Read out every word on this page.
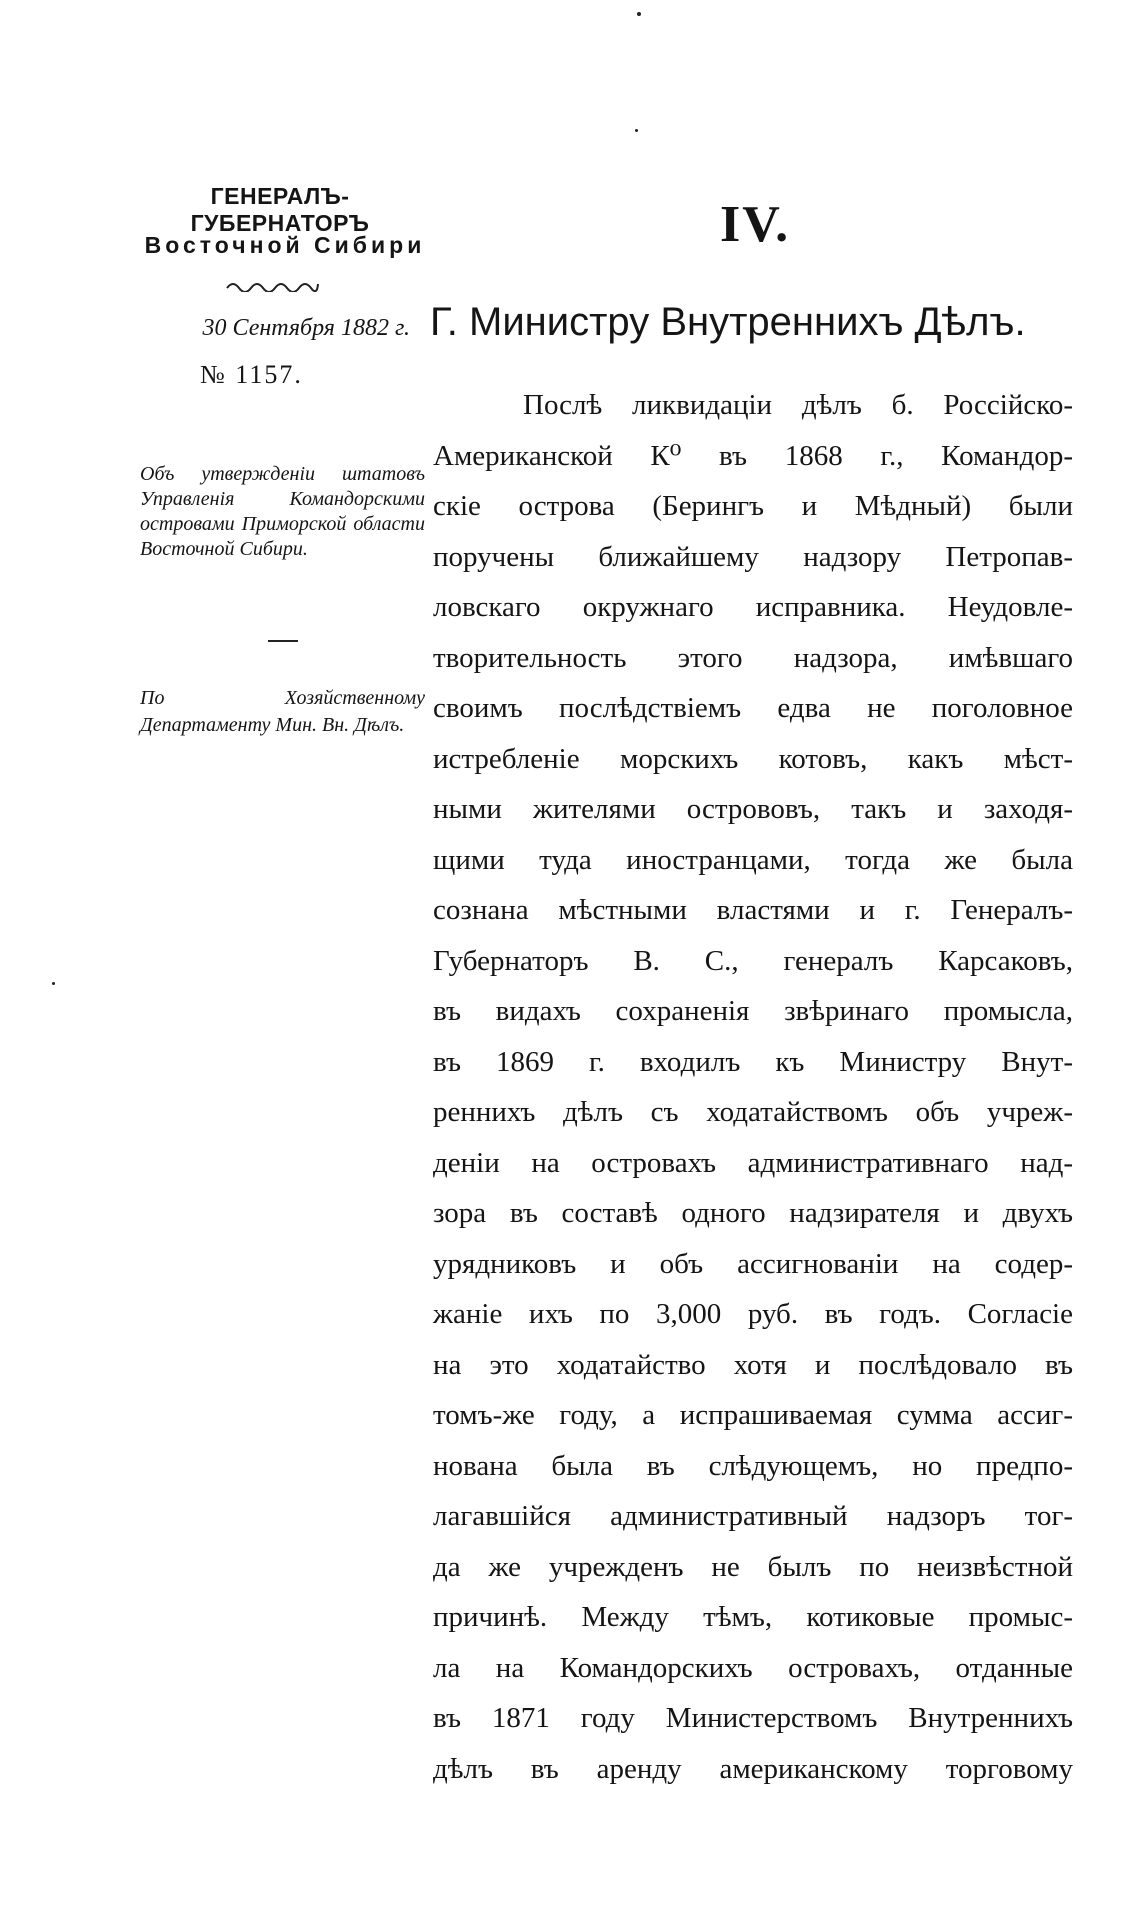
ГЕНЕРАЛЪ-ГУБЕРНАТОРЪ
Восточной Сибири
30 Сентября 1882 г.
№ 1157.
Объ утвержденіи штатовъ Управленія Командорскими островами Приморской области Восточной Сибири.
По Хозяйственному Департаменту Мин. Вн. Дѣлъ.
IV.
Г. Министру Внутреннихъ Дѣлъ.
Послѣ ликвидаціи дѣлъ б. Россійско-
Американской К⁰ въ 1868 г., Командор-
скіе острова (Берингъ и Мѣдный) были
поручены ближайшему надзору Петропав-
ловскаго окружнаго исправника. Неудовле-
творительность этого надзора, имѣвшаго
своимъ послѣдствіемъ едва не поголовное
истребленіе морскихъ котовъ, какъ мѣст-
ными жителями острововъ, такъ и заходя-
щими туда иностранцами, тогда же была
сознана мѣстными властями и г. Генералъ-
Губернаторъ В. С., генералъ Карсаковъ,
въ видахъ сохраненія звѣринаго промысла,
въ 1869 г. входилъ къ Министру Внут-
реннихъ дѣлъ съ ходатайствомъ объ учреж-
деніи на островахъ административнаго над-
зора въ составѣ одного надзирателя и двухъ
урядниковъ и объ ассигнованіи на содер-
жаніе ихъ по 3,000 руб. въ годъ. Согласіе
на это ходатайство хотя и послѣдовало въ
томъ-же году, а испрашиваемая сумма ассиг-
нована была въ слѣдующемъ, но предпо-
лагавшійся административный надзоръ тог-
да же учрежденъ не былъ по неизвѣстной
причинѣ. Между тѣмъ, котиковые промыс-
ла на Командорскихъ островахъ, отданные
въ 1871 году Министерствомъ Внутреннихъ
дѣлъ въ аренду американскому торговому
